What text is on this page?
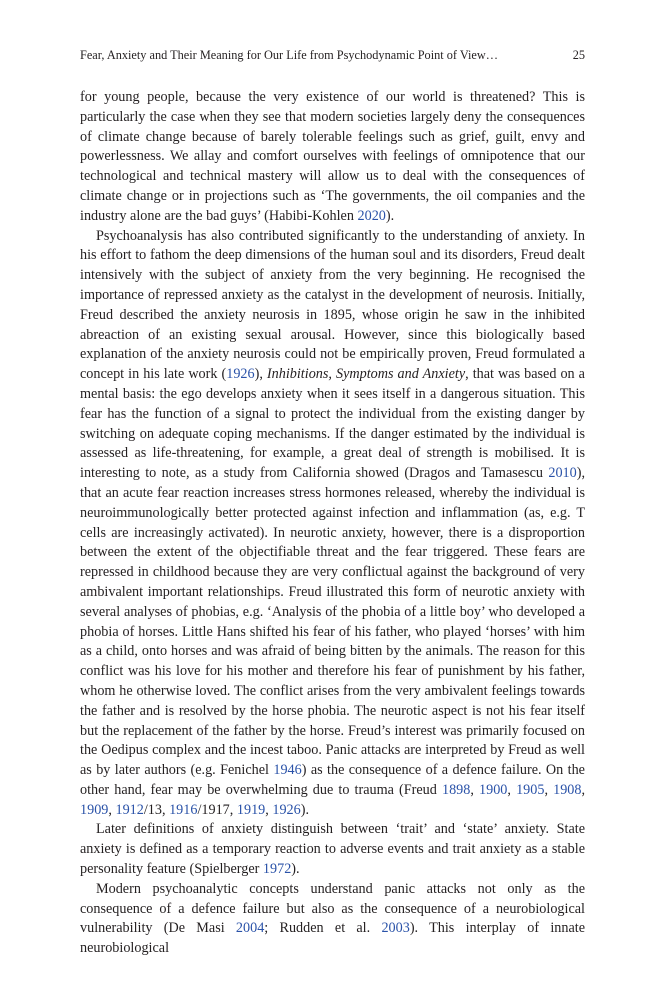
Fear, Anxiety and Their Meaning for Our Life from Psychodynamic Point of View…	25

for young people, because the very existence of our world is threatened? This is particularly the case when they see that modern societies largely deny the consequences of climate change because of barely tolerable feelings such as grief, guilt, envy and powerlessness. We allay and comfort ourselves with feelings of omnipotence that our technological and technical mastery will allow us to deal with the consequences of climate change or in projections such as ‘The governments, the oil companies and the industry alone are the bad guys’ (Habibi-Kohlen 2020).

Psychoanalysis has also contributed significantly to the understanding of anxiety. In his effort to fathom the deep dimensions of the human soul and its disorders, Freud dealt intensively with the subject of anxiety from the very beginning. He recognised the importance of repressed anxiety as the catalyst in the development of neurosis. Initially, Freud described the anxiety neurosis in 1895, whose origin he saw in the inhibited abreaction of an existing sexual arousal. However, since this biologically based explanation of the anxiety neurosis could not be empirically proven, Freud formulated a concept in his late work (1926), Inhibitions, Symptoms and Anxiety, that was based on a mental basis: the ego develops anxiety when it sees itself in a dangerous situation. This fear has the function of a signal to protect the individual from the existing danger by switching on adequate coping mechanisms. If the danger estimated by the individual is assessed as life-threatening, for example, a great deal of strength is mobilised. It is interesting to note, as a study from California showed (Dragos and Tamasescu 2010), that an acute fear reaction increases stress hormones released, whereby the individual is neuroimmunologically better protected against infection and inflammation (as, e.g. T cells are increasingly activated). In neurotic anxiety, however, there is a disproportion between the extent of the objectifiable threat and the fear triggered. These fears are repressed in childhood because they are very conflictual against the background of very ambivalent important relationships. Freud illustrated this form of neurotic anxiety with several analyses of phobias, e.g. ‘Analysis of the phobia of a little boy’ who developed a phobia of horses. Little Hans shifted his fear of his father, who played ‘horses’ with him as a child, onto horses and was afraid of being bitten by the animals. The reason for this conflict was his love for his mother and therefore his fear of punishment by his father, whom he otherwise loved. The conflict arises from the very ambivalent feelings towards the father and is resolved by the horse phobia. The neurotic aspect is not his fear itself but the replacement of the father by the horse. Freud’s interest was primarily focused on the Oedipus complex and the incest taboo. Panic attacks are interpreted by Freud as well as by later authors (e.g. Fenichel 1946) as the consequence of a defence failure. On the other hand, fear may be overwhelming due to trauma (Freud 1898, 1900, 1905, 1908, 1909, 1912/13, 1916/1917, 1919, 1926).

Later definitions of anxiety distinguish between ‘trait’ and ‘state’ anxiety. State anxiety is defined as a temporary reaction to adverse events and trait anxiety as a stable personality feature (Spielberger 1972).

Modern psychoanalytic concepts understand panic attacks not only as the consequence of a defence failure but also as the consequence of a neurobiological vulnerability (De Masi 2004; Rudden et al. 2003). This interplay of innate neurobiological
